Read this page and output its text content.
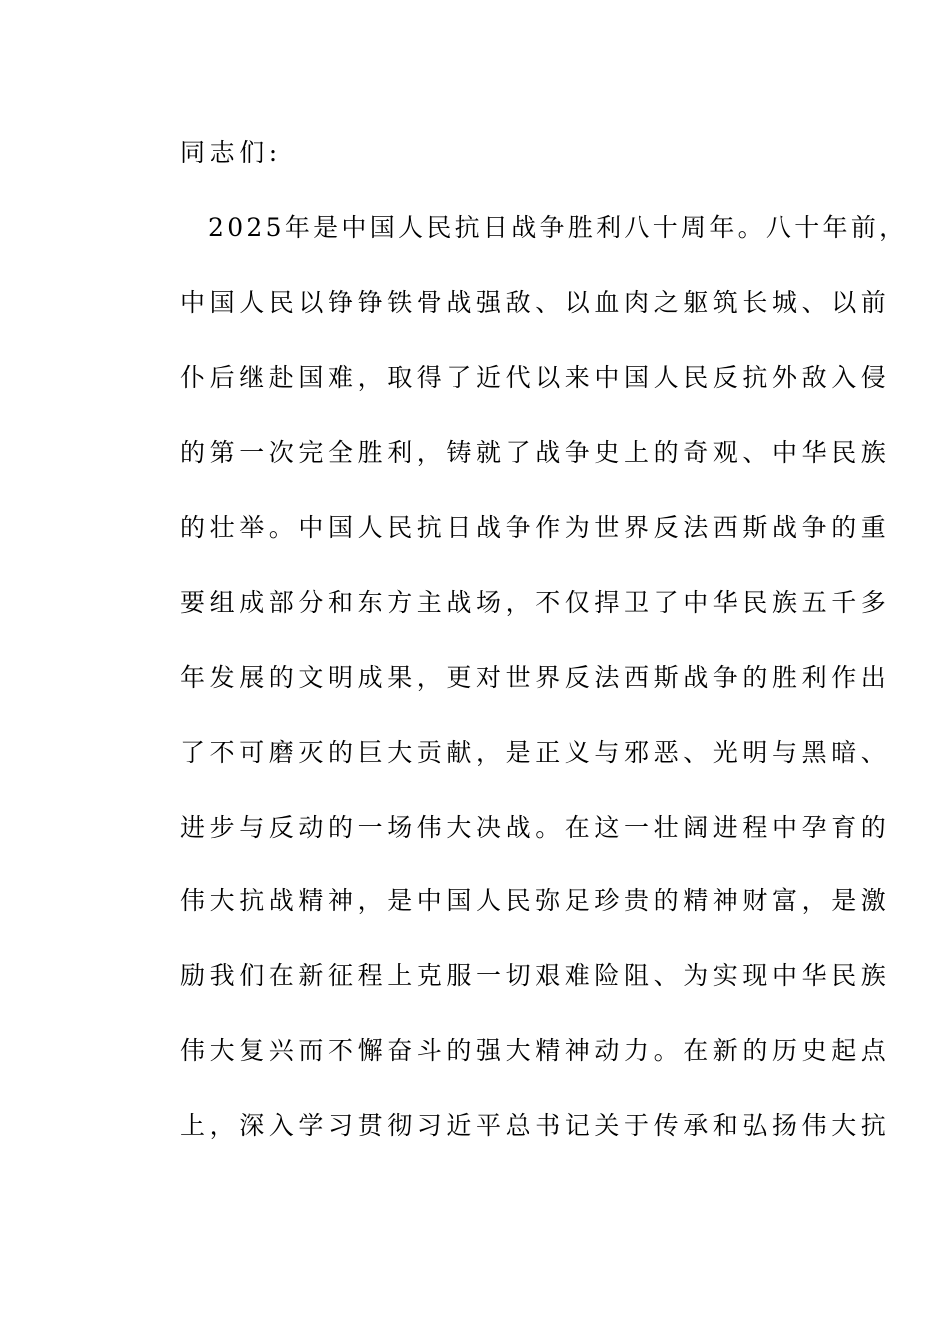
同志们:
2025年是中国人民抗日战争胜利八十周年。八十年前，
中国人民以铮铮铁骨战强敌、以血肉之躯筑长城、以前
仆后继赴国难，取得了近代以来中国人民反抗外敌入侵
的第一次完全胜利，铸就了战争史上的奇观、中华民族
的壮举。中国人民抗日战争作为世界反法西斯战争的重
要组成部分和东方主战场，不仅捍卫了中华民族五千多
年发展的文明成果，更对世界反法西斯战争的胜利作出
了不可磨灭的巨大贡献，是正义与邪恶、光明与黑暗、
进步与反动的一场伟大决战。在这一壮阔进程中孕育的
伟大抗战精神，是中国人民弥足珍贵的精神财富，是激
励我们在新征程上克服一切艰难险阻、为实现中华民族
伟大复兴而不懈奋斗的强大精神动力。在新的历史起点
上，深入学习贯彻习近平总书记关于传承和弘扬伟大抗
